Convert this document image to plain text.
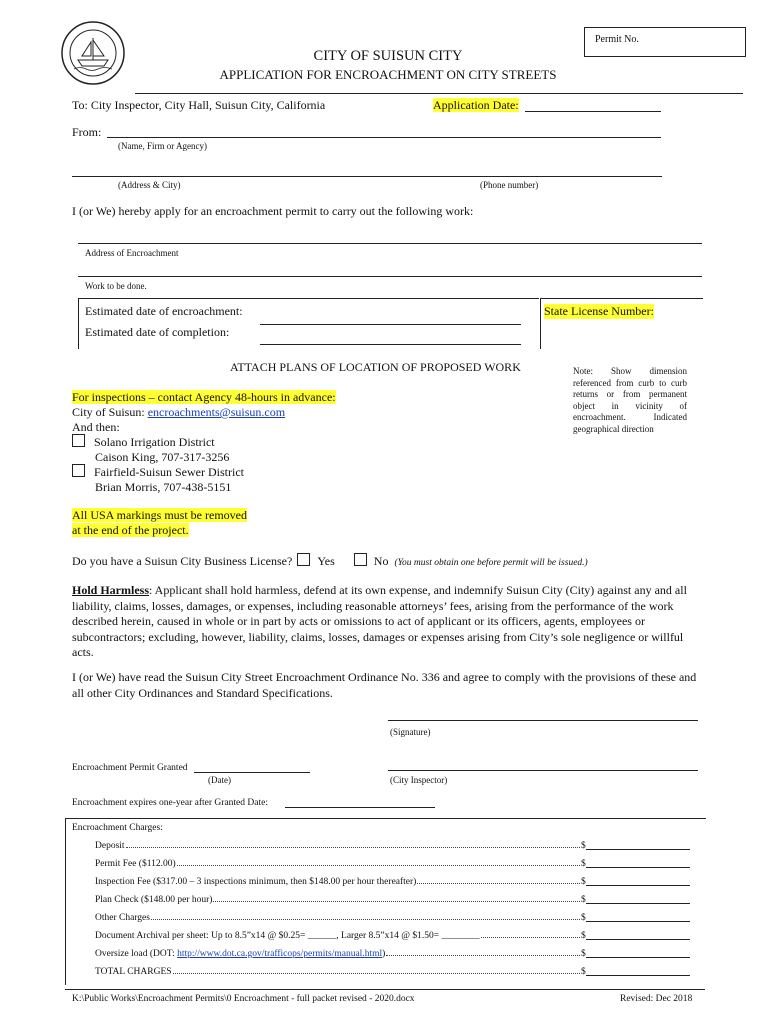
Permit No.
CITY OF SUISUN CITY
APPLICATION FOR ENCROACHMENT ON CITY STREETS
To: City Inspector, City Hall, Suisun City, California	Application Date:
From:
(Name, Firm or Agency)
(Address & City)	(Phone number)
I (or We) hereby apply for an encroachment permit to carry out the following work:
Address of Encroachment
Work to be done.
Estimated date of encroachment:
Estimated date of completion:
State License Number:
ATTACH PLANS OF LOCATION OF PROPOSED WORK	Note: Show dimension referenced from curb to curb returns or from permanent object in vicinity of encroachment. Indicated geographical direction
For inspections – contact Agency 48-hours in advance:
City of Suisun: encroachments@suisun.com
And then:
Solano Irrigation District
Caison King, 707-317-3256
Fairfield-Suisun Sewer District
Brian Morris, 707-438-5151
All USA markings must be removed
at the end of the project.
Do you have a Suisun City Business License? Yes	No (You must obtain one before permit will be issued.)
Hold Harmless: Applicant shall hold harmless, defend at its own expense, and indemnify Suisun City (City) against any and all liability, claims, losses, damages, or expenses, including reasonable attorneys’ fees, arising from the performance of the work described herein, caused in whole or in part by acts or omissions to act of applicant or its officers, agents, employees or subcontractors; excluding, however, liability, claims, losses, damages or expenses arising from City’s sole negligence or willful acts.
I (or We) have read the Suisun City Street Encroachment Ordinance No. 336 and agree to comply with the provisions of these and all other City Ordinances and Standard Specifications.
(Signature)
Encroachment Permit Granted
(Date)	(City Inspector)
Encroachment expires one-year after Granted Date:
Encroachment Charges:
Deposit	$
Permit Fee ($112.00)	$
Inspection Fee ($317.00 – 3 inspections minimum, then $148.00 per hour thereafter)	$
Plan Check ($148.00 per hour)	$
Other Charges	$
Document Archival per sheet: Up to 8.5”x14 @ $0.25= ______, Larger 8.5”x14 @ $1.50= ________	$
Oversize load (DOT: http://www.dot.ca.gov/trafficops/permits/manual.html)	$
TOTAL CHARGES	$
K:\Public Works\Encroachment Permits\0 Encroachment - full packet revised - 2020.docx	Revised: Dec 2018
